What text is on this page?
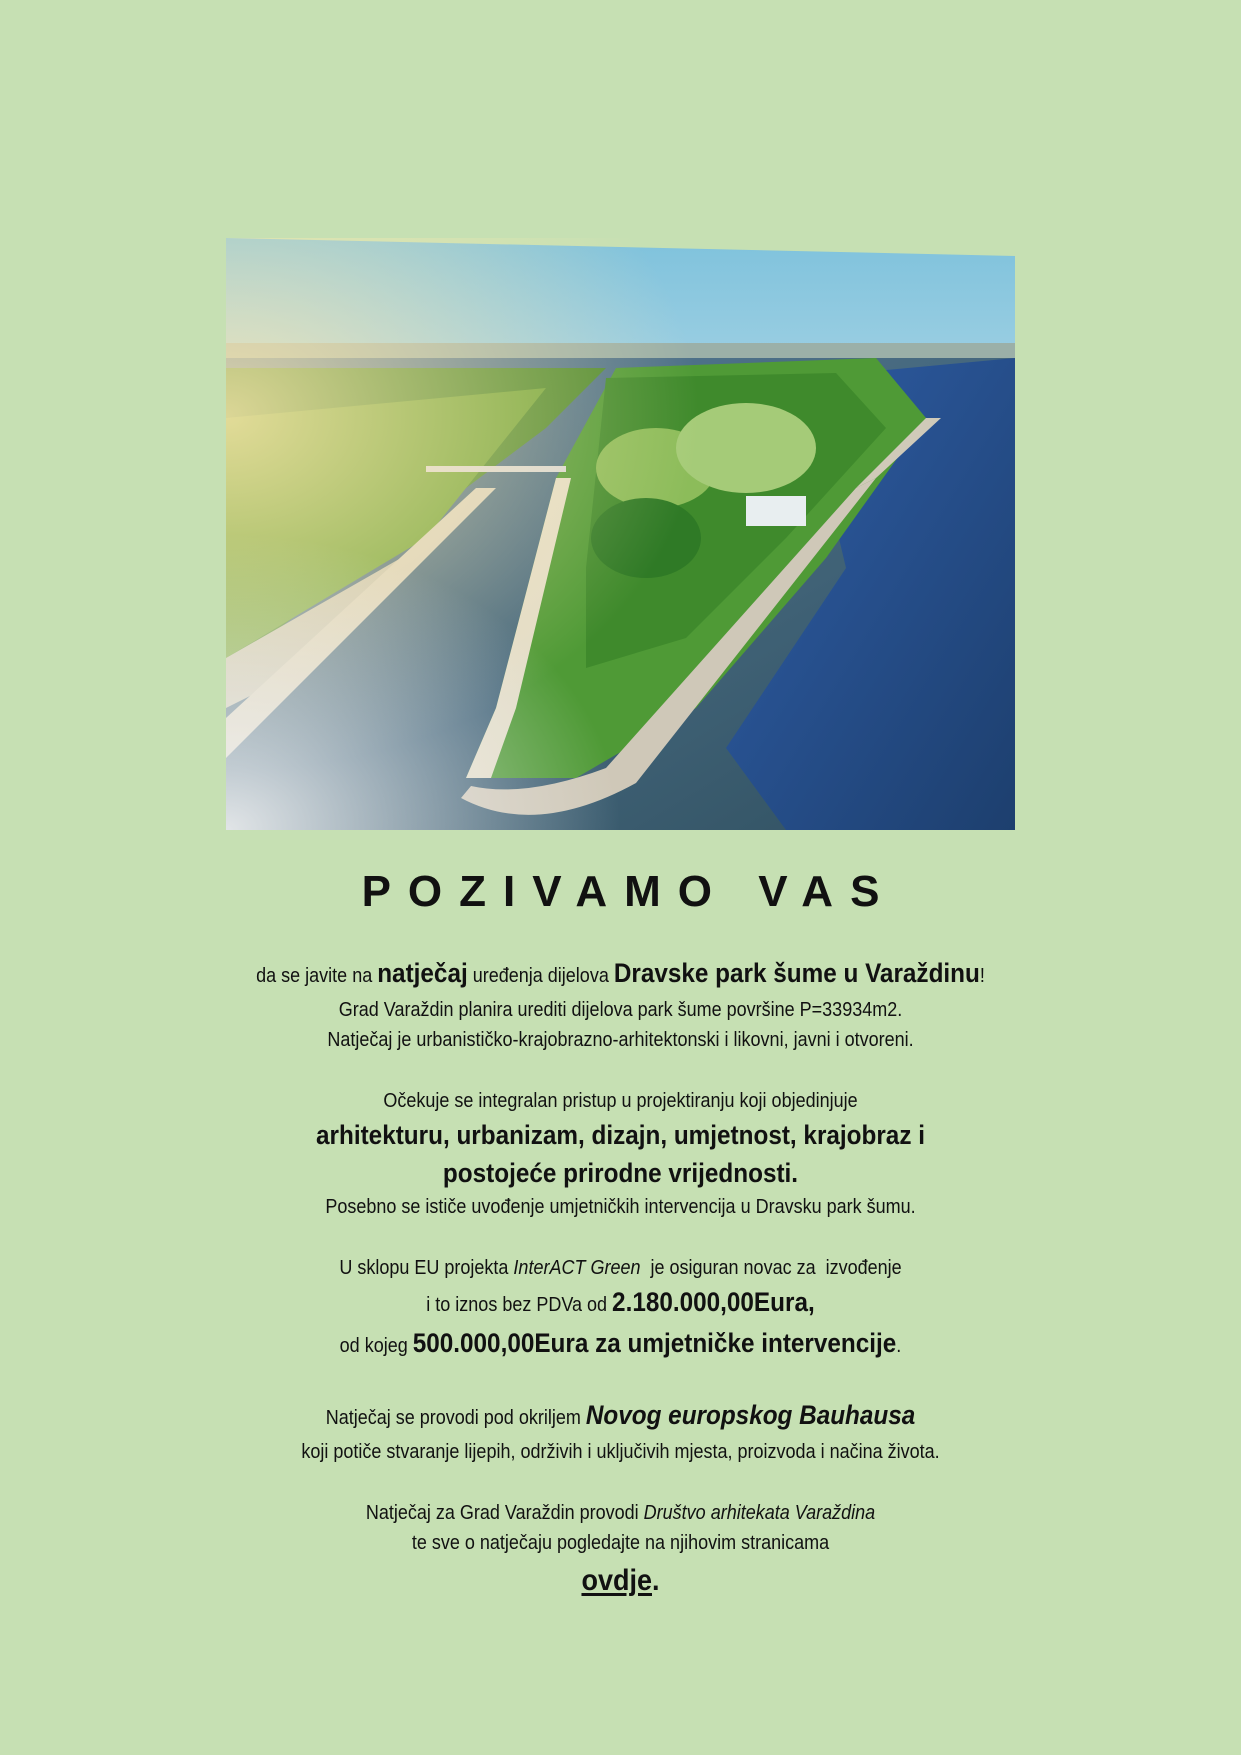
POZIVAMO VAS
da se javite na natječaj uređenja dijelova Dravske park šume u Varaždinu!
Grad Varaždin planira urediti dijelova park šume površine P=33934m2.
Natječaj je urbanističko-krajobrazno-arhitektonski i likovni, javni i otvoreni.
Očekuje se integralan pristup u projektiranju koji objedinjuje
arhitekturu, urbanizam, dizajn, umjetnost, krajobraz i
postojeće prirodne vrijednosti.
Posebno se ističe uvođenje umjetničkih intervencija u Dravsku park šumu.
U sklopu EU projekta InterACT Green  je osiguran novac za  izvođenje
i to iznos bez PDVa od 2.180.000,00Eura,
od kojeg 500.000,00Eura za umjetničke intervencije.
Natječaj se provodi pod okriljem Novog europskog Bauhausa
koji potiče stvaranje lijepih, održivih i uključivih mjesta, proizvoda i načina života.
Natječaj za Grad Varaždin provodi Društvo arhitekata Varaždina
te sve o natječaju pogledajte na njihovim stranicama
ovdje.
